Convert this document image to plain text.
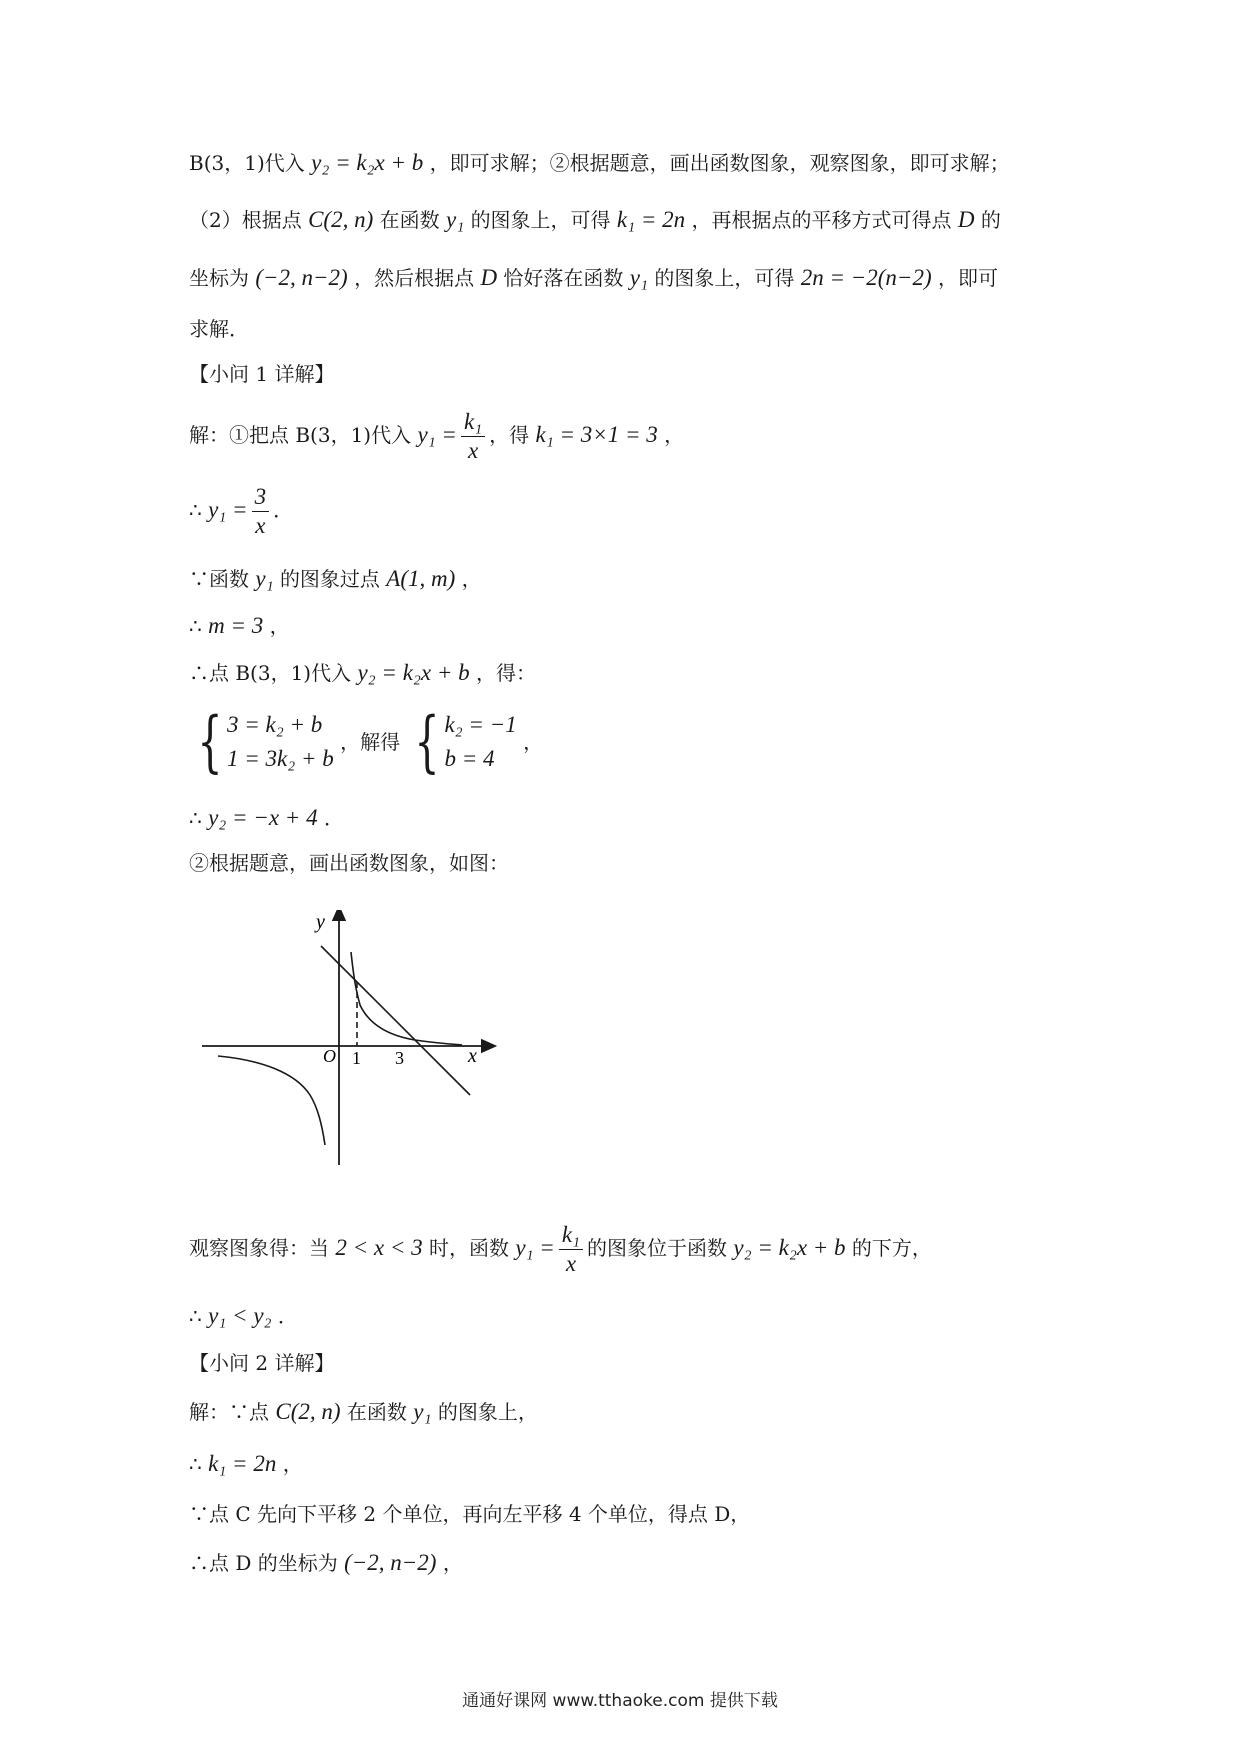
B(3，1)代入 y₂ = k₂x + b ，即可求解；②根据题意，画出函数图象，观察图象，即可求解；
（2）根据点 C(2, n) 在函数 y₁ 的图象上，可得 k₁ = 2n ，再根据点的平移方式可得点 D 的
坐标为 (−2, n−2) ，然后根据点 D 恰好落在函数 y₁ 的图象上，可得 2n = −2(n−2) ，即可
求解．
【小问 1 详解】
解：①把点 B(3，1)代入 $y_1 = \frac{\text{k₁}}{x}$ ，得 k₁ = 3×1 = 3 ，
∴ $y_1 = \frac{3}{x}$ ．
∵函数 y₁ 的图象过点 A(1, m) ，
∴ m = 3 ，
∴点 B(3，1)代入 y₂ = k₂x + b ，得：
{ 3 = k₂ + b
1 = 3k₂ + b
，解得 { k₂ = −1
b = 4
，
∴ y₂ = −x + 4 ．
②根据题意，画出函数图象，如图：
y
x
O 1 3
观察图象得：当 2 < x < 3 时，函数 $y_1 = \frac{\text{k₁}}{x}$ 的图象位于函数 y₂ = k₂x + b 的下方，
∴ y₁ < y₂ ．
【小问 2 详解】
解：∵点 C(2, n) 在函数 y₁ 的图象上，
∴ k₁ = 2n ，
∵点 C 先向下平移 2 个单位，再向左平移 4 个单位，得点 D，
∴点 D 的坐标为 (−2, n−2) ，
通通好课网 www.tthaoke.com 提供下载
